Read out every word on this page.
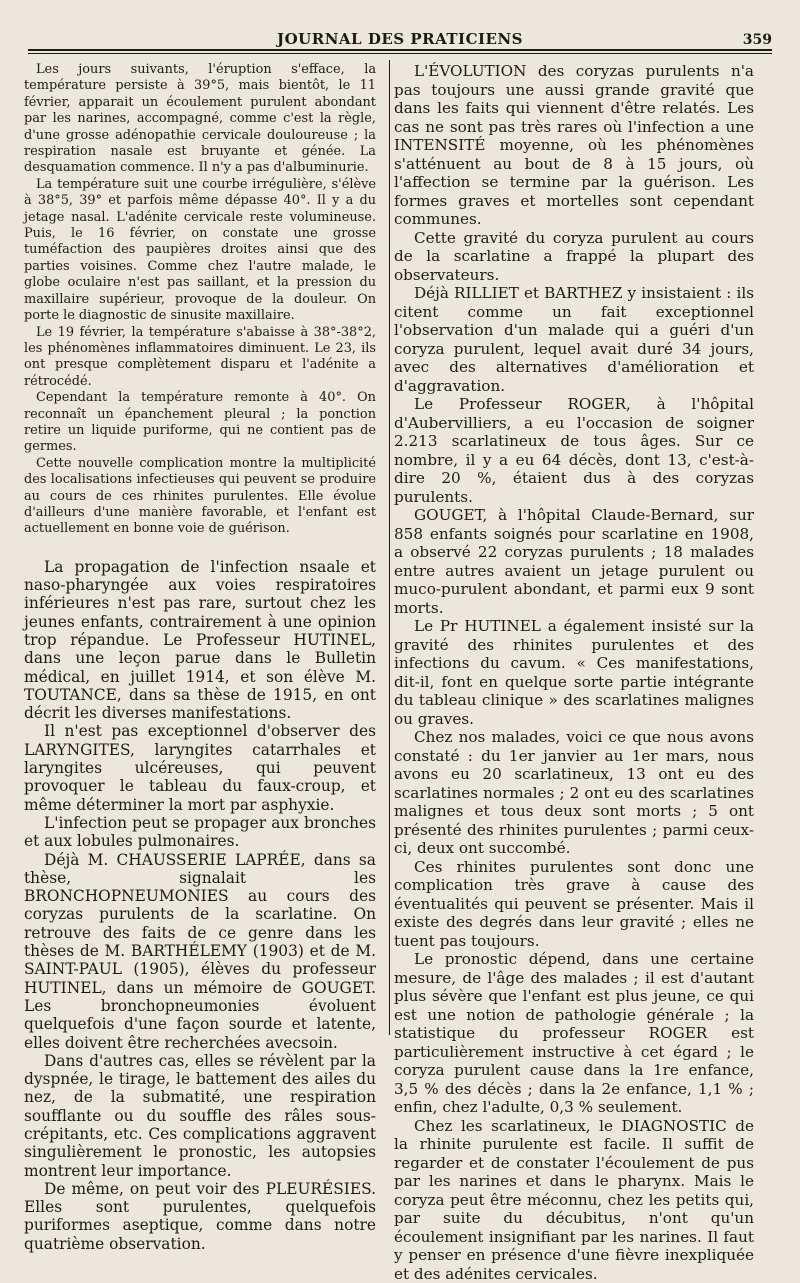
JOURNAL DES PRATICIENS	359

Les jours suivants, l'éruption s'efface, la température persiste à 39°5, mais bientôt, le 11 février, apparait un écoulement purulent abondant par les narines, accompagné, comme c'est la règle, d'une grosse adénopathie cervicale douloureuse ; la respiration nasale est bruyante et génée. La desquamation commence. Il n'y a pas d'albuminurie.

La température suit une courbe irrégulière, s'élève à 38°5, 39° et parfois même dépasse 40°. Il y a du jetage nasal. L'adénite cervicale reste volumineuse. Puis, le 16 février, on constate une grosse tuméfaction des paupières droites ainsi que des parties voisines. Comme chez l'autre malade, le globe oculaire n'est pas saillant, et la pression du maxillaire supérieur, provoque de la douleur. On porte le diagnostic de sinusite maxillaire.

Le 19 février, la température s'abaisse à 38°-38°2, les phénomènes inflammatoires diminuent. Le 23, ils ont presque complètement disparu et l'adénite a rétrocédé.

Cependant la température remonte à 40°. On reconnaît un épanchement pleural ; la ponction retire un liquide puriforme, qui ne contient pas de germes.

Cette nouvelle complication montre la multiplicité des localisations infectieuses qui peuvent se produire au cours de ces rhinites purulentes. Elle évolue d'ailleurs d'une manière favorable, et l'enfant est actuellement en bonne voie de guérison.

La propagation de l'infection nsaale et naso-pharyngée aux voies respiratoires inférieures n'est pas rare, surtout chez les jeunes enfants, contrairement à une opinion trop répandue. Le Professeur HUTINEL, dans une leçon parue dans le Bulletin médical, en juillet 1914, et son élève M. TOUTANCE, dans sa thèse de 1915, en ont décrit les diverses manifestations.

Il n'est pas exceptionnel d'observer des LARYNGITES, laryngites catarrhales et laryngites ulcéreuses, qui peuvent provoquer le tableau du faux-croup, et même déterminer la mort par asphyxie.

L'infection peut se propager aux bronches et aux lobules pulmonaires.

Déjà M. CHAUSSERIE LAPRÉE, dans sa thèse, signalait les BRONCHOPNEUMONIES au cours des coryzas purulents de la scarlatine. On retrouve des faits de ce genre dans les thèses de M. BARTHÉLEMY (1903) et de M. SAINT-PAUL (1905), élèves du professeur HUTINEL, dans un mémoire de GOUGET. Les bronchopneumonies évoluent quelquefois d'une façon sourde et latente, elles doivent être recherchées avecsoin.

Dans d'autres cas, elles se révèlent par la dyspnée, le tirage, le battement des ailes du nez, de la submatité, une respiration soufflante ou du souffle des râles sous-crépitants, etc. Ces complications aggravent singulièrement le pronostic, les autopsies montrent leur importance.

De même, on peut voir des PLEURÉSIES. Elles sont purulentes, quelquefois puriformes aseptique, comme dans notre quatrième observation.

L'ÉVOLUTION des coryzas purulents n'a pas toujours une aussi grande gravité que dans les faits qui viennent d'être relatés. Les cas ne sont pas très rares où l'infection a une INTENSITÉ moyenne, où les phénomènes s'atténuent au bout de 8 à 15 jours, où l'affection se termine par la guérison. Les formes graves et mortelles sont cependant communes.

Cette gravité du coryza purulent au cours de la scarlatine a frappé la plupart des observateurs.

Déjà RILLIET et BARTHEZ y insistaient : ils citent comme un fait exceptionnel l'observation d'un malade qui a guéri d'un coryza purulent, lequel avait duré 34 jours, avec des alternatives d'amélioration et d'aggravation.

Le Professeur ROGER, à l'hôpital d'Aubervilliers, a eu l'occasion de soigner 2.213 scarlatineux de tous âges. Sur ce nombre, il y a eu 64 décès, dont 13, c'est-à-dire 20 %, étaient dus à des coryzas purulents.

GOUGET, à l'hôpital Claude-Bernard, sur 858 enfants soignés pour scarlatine en 1908, a observé 22 coryzas purulents ; 18 malades entre autres avaient un jetage purulent ou muco-purulent abondant, et parmi eux 9 sont morts.

Le Pr HUTINEL a également insisté sur la gravité des rhinites purulentes et des infections du cavum. « Ces manifestations, dit-il, font en quelque sorte partie intégrante du tableau clinique » des scarlatines malignes ou graves.

Chez nos malades, voici ce que nous avons constaté : du 1er janvier au 1er mars, nous avons eu 20 scarlatineux, 13 ont eu des scarlatines normales ; 2 ont eu des scarlatines malignes et tous deux sont morts ; 5 ont présenté des rhinites purulentes ; parmi ceux-ci, deux ont succombé.

Ces rhinites purulentes sont donc une complication très grave à cause des éventualités qui peuvent se présenter. Mais il existe des degrés dans leur gravité ; elles ne tuent pas toujours.

Le pronostic dépend, dans une certaine mesure, de l'âge des malades ; il est d'autant plus sévère que l'enfant est plus jeune, ce qui est une notion de pathologie générale ; la statistique du professeur ROGER est particulièrement instructive à cet égard ; le coryza purulent cause dans la 1re enfance, 3,5 % des décès ; dans la 2e enfance, 1,1 % ; enfin, chez l'adulte, 0,3 % seulement.

Chez les scarlatineux, le DIAGNOSTIC de la rhinite purulente est facile. Il suffit de regarder et de constater l'écoulement de pus par les narines et dans le pharynx. Mais le coryza peut être méconnu, chez les petits qui, par suite du décubitus, n'ont qu'un écoulement insignifiant par les narines. Il faut y penser en présence d'une fièvre inexpliquée et des adénites cervicales.
